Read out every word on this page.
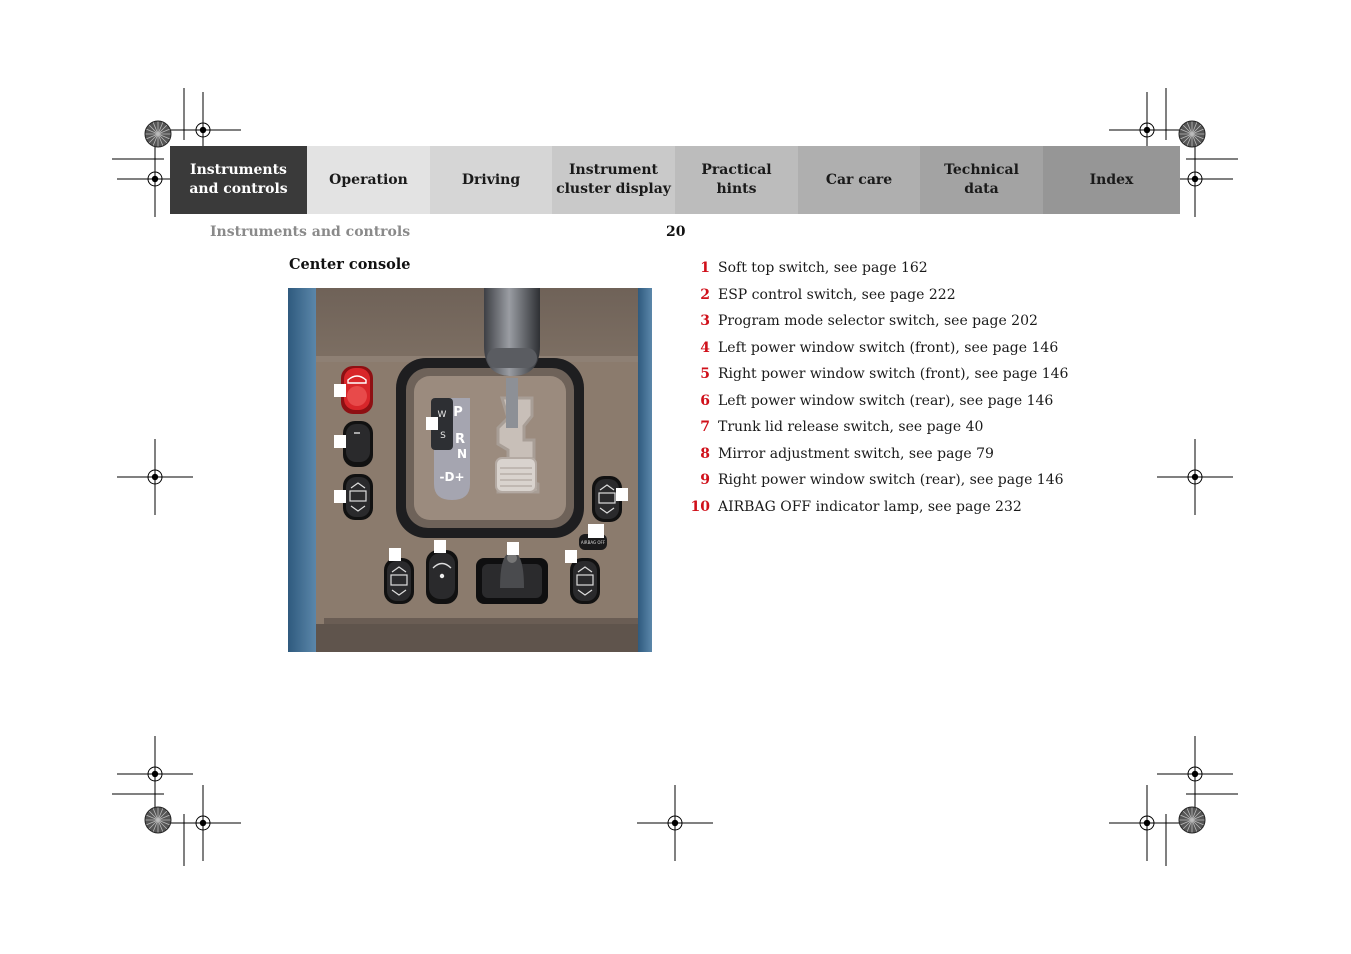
Instruments
and controls
Operation	Driving
Instrument
cluster display
Practical hints
Car care
Technical
data
Index
Instruments and controls	20
Center console
W
S
P
R
N
-D+
AIRBAG OFF
1 Soft top switch, see page 162
2 ESP control switch, see page 222
3 Program mode selector switch, see page 202
4 Left power window switch (front), see page 146
5 Right power window switch (front), see page 146
6 Left power window switch (rear), see page 146
7 Trunk lid release switch, see page 40
8 Mirror adjustment switch, see page 79
9 Right power window switch (rear), see page 146
10 AIRBAG OFF indicator lamp, see page 232
